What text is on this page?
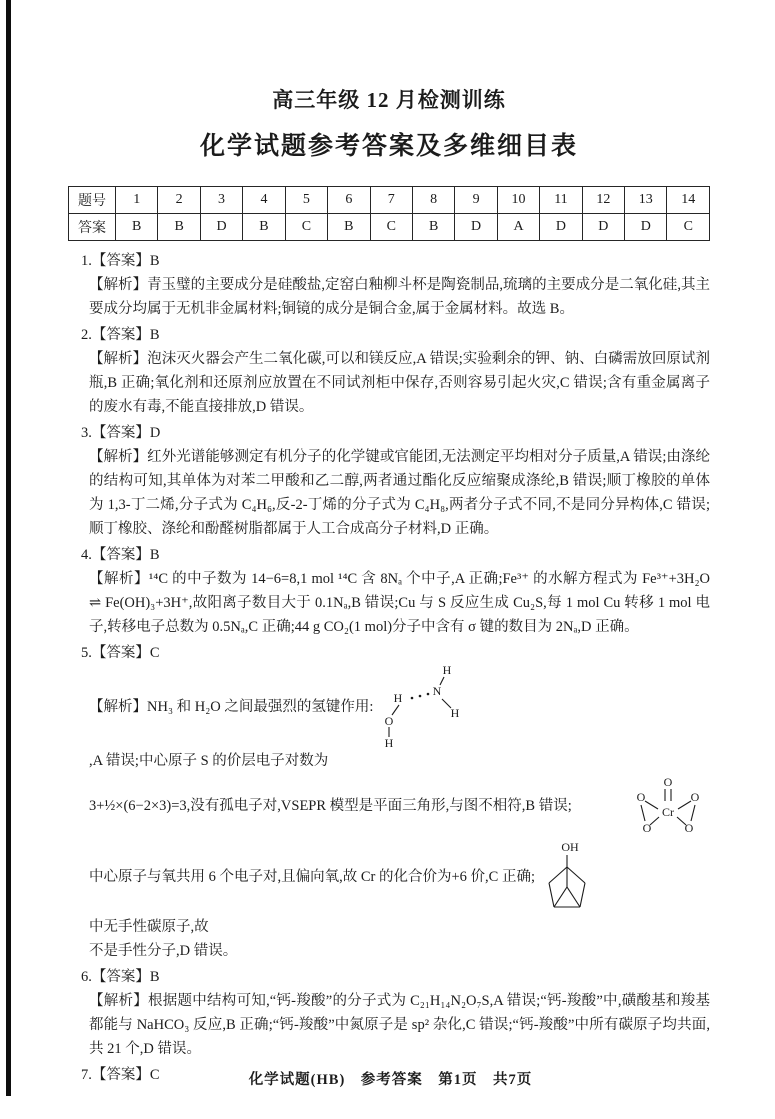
高三年级 12 月检测训练
化学试题参考答案及多维细目表
题号	1	2	3	4	5	6	7	8	9	10	11	12	13	14
答案	B	B	D	B	C	B	C	B	D	A	D	D	D	C
1.【答案】B

【解析】青玉璧的主要成分是硅酸盐,定窑白釉柳斗杯是陶瓷制品,琉璃的主要成分是二氧化硅,其主要成分均属于无机非金属材料;铜镜的成分是铜合金,属于金属材料。故选 B。

2.【答案】B

【解析】泡沫灭火器会产生二氧化碳,可以和镁反应,A 错误;实验剩余的钾、钠、白磷需放回原试剂瓶,B 正确;氧化剂和还原剂应放置在不同试剂柜中保存,否则容易引起火灾,C 错误;含有重金属离子的废水有毒,不能直接排放,D 错误。

3.【答案】D

【解析】红外光谱能够测定有机分子的化学键或官能团,无法测定平均相对分子质量,A 错误;由涤纶的结构可知,其单体为对苯二甲酸和乙二醇,两者通过酯化反应缩聚成涤纶,B 错误;顺丁橡胶的单体为 1,3-丁二烯,分子式为 C₄H₆,反-2-丁烯的分子式为 C₄H₈,两者分子式不同,不是同分异构体,C 错误;顺丁橡胶、涤纶和酚醛树脂都属于人工合成高分子材料,D 正确。

4.【答案】B

【解析】¹⁴C 的中子数为 14−6=8,1 mol ¹⁴C 含 8Nₐ 个中子,A 正确;Fe³⁺ 的水解方程式为 Fe³⁺+3H₂O ⇌ Fe(OH)₃+3H⁺,故阳离子数目大于 0.1Nₐ,B 错误;Cu 与 S 反应生成 Cu₂S,每 1 mol Cu 转移 1 mol 电子,转移电子总数为 0.5Nₐ,C 正确;44 g CO₂(1 mol)分子中含有 σ 键的数目为 2Nₐ,D 正确。

5.【答案】C
【解析】NH₃ 和 H₂O 之间最强烈的氢键作用:
H
O
H
N
H
H
,A 错误;中心原子 S 的价层电子对数为
3+½×(6−2×3)=3,没有孤电子对,VSEPR 模型是平面三角形,与图不相符,B 错误;
O
Cr
O
O
O
O
中心原子与氧共用 6 个电子对,且偏向氧,故 Cr 的化合价为+6 价,C 正确;
OH
中无手性碳原子,故
不是手性分子,D 错误。
6.【答案】B

【解析】根据题中结构可知,“钙-羧酸”的分子式为 C₂₁H₁₄N₂O₇S,A 错误;“钙-羧酸”中,磺酸基和羧基都能与 NaHCO₃ 反应,B 正确;“钙-羧酸”中氮原子是 sp² 杂化,C 错误;“钙-羧酸”中所有碳原子均共面,共 21 个,D 错误。

7.【答案】C	化学试题(HB)　参考答案　第1页　共7页
